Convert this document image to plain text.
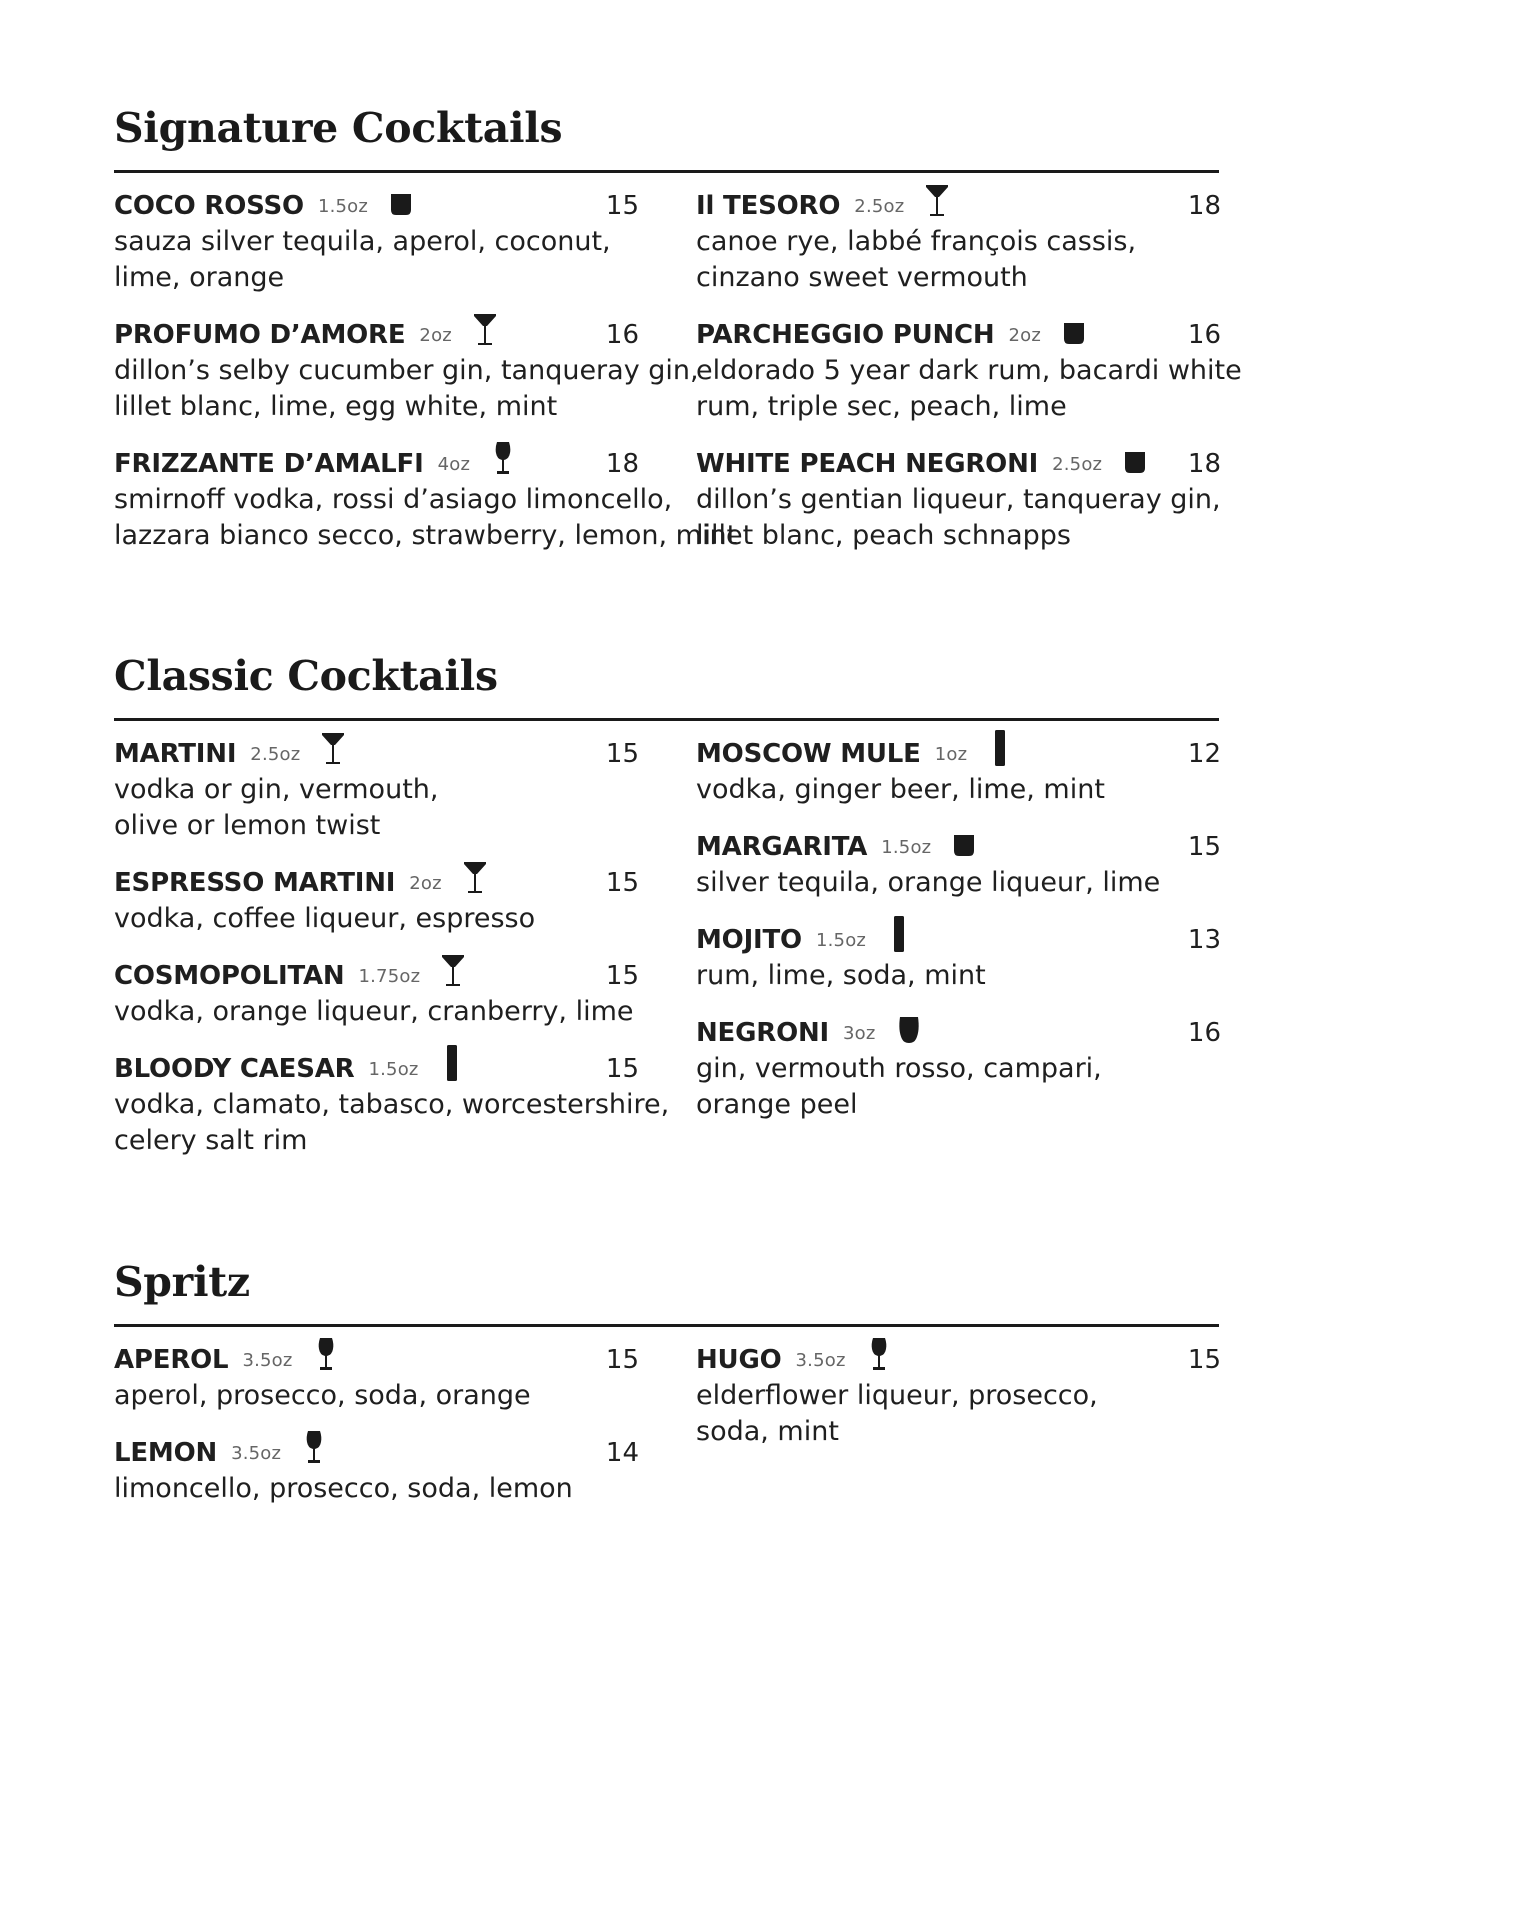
Signature Cocktails
COCO ROSSO 1.5oz	15
sauza silver tequila, aperol, coconut,
lime, orange
PROFUMO D’AMORE 2oz	16
dillon’s selby cucumber gin, tanqueray gin,
lillet blanc, lime, egg white, mint
FRIZZANTE D’AMALFI 4oz	18
smirnoff vodka, rossi d’asiago limoncello,
lazzara bianco secco, strawberry, lemon, mint
Il TESORO 2.5oz	18
canoe rye, labbé françois cassis,
cinzano sweet vermouth
PARCHEGGIO PUNCH 2oz	16
eldorado 5 year dark rum, bacardi white
rum, triple sec, peach, lime
WHITE PEACH NEGRONI 2.5oz	18
dillon’s gentian liqueur, tanqueray gin,
lillet blanc, peach schnapps
Classic Cocktails
MARTINI 2.5oz	15
vodka or gin, vermouth,
olive or lemon twist
ESPRESSO MARTINI 2oz	15
vodka, coffee liqueur, espresso
COSMOPOLITAN 1.75oz	15
vodka, orange liqueur, cranberry, lime
BLOODY CAESAR 1.5oz	15
vodka, clamato, tabasco, worcestershire,
celery salt rim
MOSCOW MULE 1oz	12
vodka, ginger beer, lime, mint
MARGARITA 1.5oz	15
silver tequila, orange liqueur, lime
MOJITO 1.5oz	13
rum, lime, soda, mint
NEGRONI 3oz	16
gin, vermouth rosso, campari,
orange peel
Spritz
APEROL 3.5oz	15
aperol, prosecco, soda, orange
LEMON 3.5oz	14
limoncello, prosecco, soda, lemon
HUGO 3.5oz	15
elderflower liqueur, prosecco,
soda, mint
